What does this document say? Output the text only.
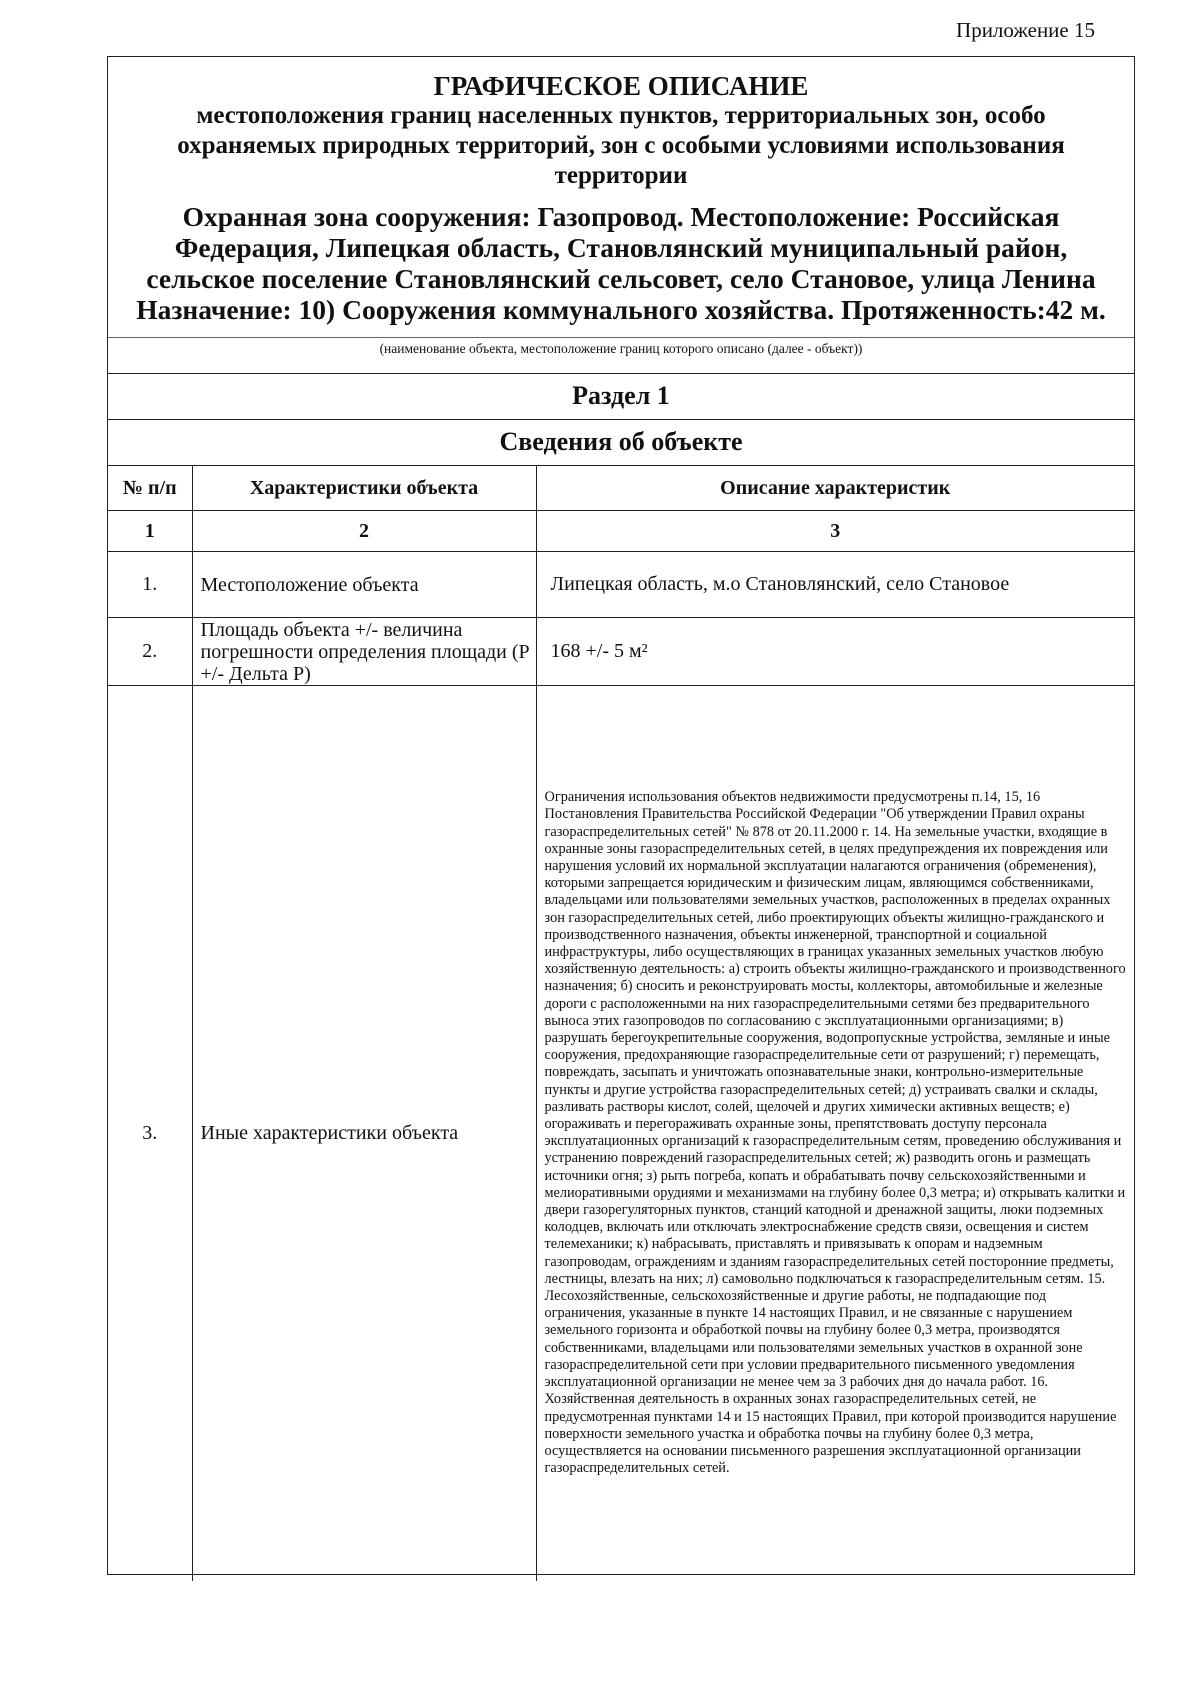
Приложение 15
ГРАФИЧЕСКОЕ ОПИСАНИЕ
местоположения границ населенных пунктов, территориальных зон, особо охраняемых природных территорий, зон с особыми условиями использования территории
Охранная зона сооружения: Газопровод. Местоположение: Российская Федерация, Липецкая область, Становлянский муниципальный район, сельское поселение Становлянский сельсовет, село Становое, улица Ленина
Назначение: 10) Сооружения коммунального хозяйства. Протяженность:42 м.
(наименование объекта, местоположение границ которого описано (далее - объект))
Раздел 1
Сведения об объекте
№ п/п	Характеристики объекта	Описание характеристик
1	2	3
1.	Местоположение объекта	Липецкая область, м.о Становлянский, село Становое
2.	Площадь объекта +/- величина погрешности определения площади (P +/- Дельта P)	168 +/- 5 м²
3.	Иные характеристики объекта	Ограничения использования объектов недвижимости предусмотрены п.14, 15, 16 Постановления Правительства Российской Федерации "Об утверждении Правил охраны газораспределительных сетей" № 878 от 20.11.2000 г. 14. На земельные участки, входящие в охранные зоны газораспределительных сетей, в целях предупреждения их повреждения или нарушения условий их нормальной эксплуатации налагаются ограничения (обременения), которыми запрещается юридическим и физическим лицам, являющимся собственниками, владельцами или пользователями земельных участков, расположенных в пределах охранных зон газораспределительных сетей, либо проектирующих объекты жилищно-гражданского и производственного назначения, объекты инженерной, транспортной и социальной инфраструктуры, либо осуществляющих в границах указанных земельных участков любую хозяйственную деятельность: а) строить объекты жилищно-гражданского и производственного назначения; б) сносить и реконструировать мосты, коллекторы, автомобильные и железные дороги с расположенными на них газораспределительными сетями без предварительного выноса этих газопроводов по согласованию с эксплуатационными организациями; в) разрушать берегоукрепительные сооружения, водопропускные устройства, земляные и иные сооружения, предохраняющие газораспределительные сети от разрушений; г) перемещать, повреждать, засыпать и уничтожать опознавательные знаки, контрольно-измерительные пункты и другие устройства газораспределительных сетей; д) устраивать свалки и склады, разливать растворы кислот, солей, щелочей и других химически активных веществ; е) огораживать и перегораживать охранные зоны, препятствовать доступу персонала эксплуатационных организаций к газораспределительным сетям, проведению обслуживания и устранению повреждений газораспределительных сетей; ж) разводить огонь и размещать источники огня; з) рыть погреба, копать и обрабатывать почву сельскохозяйственными и мелиоративными орудиями и механизмами на глубину более 0,3 метра; и) открывать калитки и двери газорегуляторных пунктов, станций катодной и дренажной защиты, люки подземных колодцев, включать или отключать электроснабжение средств связи, освещения и систем телемеханики; к) набрасывать, приставлять и привязывать к опорам и надземным газопроводам, ограждениям и зданиям газораспределительных сетей посторонние предметы, лестницы, влезать на них; л) самовольно подключаться к газораспределительным сетям. 15. Лесохозяйственные, сельскохозяйственные и другие работы, не подпадающие под ограничения, указанные в пункте 14 настоящих Правил, и не связанные с нарушением земельного горизонта и обработкой почвы на глубину более 0,3 метра, производятся собственниками, владельцами или пользователями земельных участков в охранной зоне газораспределительной сети при условии предварительного письменного уведомления эксплуатационной организации не менее чем за 3 рабочих дня до начала работ. 16. Хозяйственная деятельность в охранных зонах газораспределительных сетей, не предусмотренная пунктами 14 и 15 настоящих Правил, при которой производится нарушение поверхности земельного участка и обработка почвы на глубину более 0,3 метра, осуществляется на основании письменного разрешения эксплуатационной организации газораспределительных сетей.
